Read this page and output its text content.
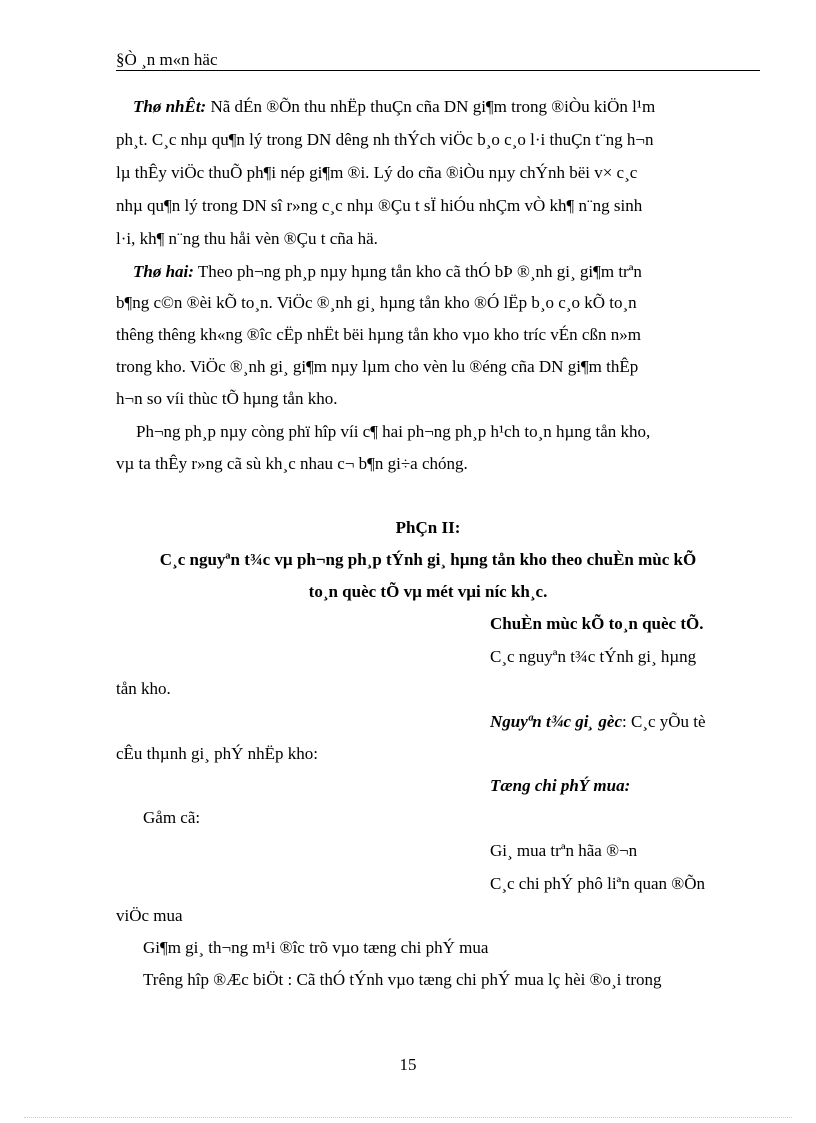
§Ò ¸n m«n häc
Thø nhÊt: Nã dÉn ®Õn thu nhËp thuÇn cña DN gi¶m trong ®iÒu kiÖn l¹m
ph¸t. C¸c nhµ qu¶n lý trong DN dêng nh thÝch viÖc b¸o c¸o l·i thuÇn t¨ng h¬n
lµ thÊy viÖc thuÕ ph¶i nép gi¶m ®i. Lý do cña ®iÒu nµy chÝnh bëi v× c¸c
nhµ qu¶n lý trong DN sî r»ng c¸c nhµ ®Çu t sÏ hiÓu nhÇm vÒ kh¶ n¨ng sinh
l·i, kh¶ n¨ng thu håi vèn ®Çu t cña hä.
Thø hai: Theo ph¬ng ph¸p nµy hµng tån kho cã thÓ bÞ ®¸nh gi¸ gi¶m trªn
b¶ng c©n ®èi kÕ to¸n. ViÖc ®¸nh gi¸ hµng tån kho ®Ó lËp b¸o c¸o kÕ to¸n
thêng thêng kh«ng ®îc cËp nhËt bëi hµng tån kho vµo kho tríc vÉn cßn n»m
trong kho. ViÖc ®¸nh gi¸ gi¶m nµy lµm cho vèn lu ®éng cña DN gi¶m thÊp
h¬n so víi thùc tÕ hµng tån kho.
Ph¬ng ph¸p nµy còng phï hîp víi c¶ hai ph¬ng ph¸p h¹ch to¸n hµng tån kho,
vµ ta thÊy r»ng cã sù kh¸c nhau c¬ b¶n gi÷a chóng.
PhÇn II:
C¸c nguyªn t¾c vµ ph¬ng ph¸p tÝnh gi¸ hµng tån kho theo chuÈn mùc kÕ
to¸n quèc tÕ vµ mét vµi níc kh¸c.
ChuÈn mùc kÕ to¸n quèc tÕ.
C¸c nguyªn t¾c tÝnh gi¸ hµng
tån kho.
Nguyªn t¾c gi¸ gèc: C¸c yÕu tè
cÊu thµnh gi¸ phÝ nhËp kho:
Tæng chi phÝ mua:
Gåm cã:
Gi¸ mua trªn hãa ®¬n
C¸c chi phÝ phô liªn quan ®Õn
viÖc mua
Gi¶m gi¸ th¬ng m¹i ®îc trõ vµo tæng chi phÝ mua
Trêng hîp ®Æc biÖt : Cã thÓ tÝnh vµo tæng chi phÝ mua lç hèi ®o¸i trong
15
